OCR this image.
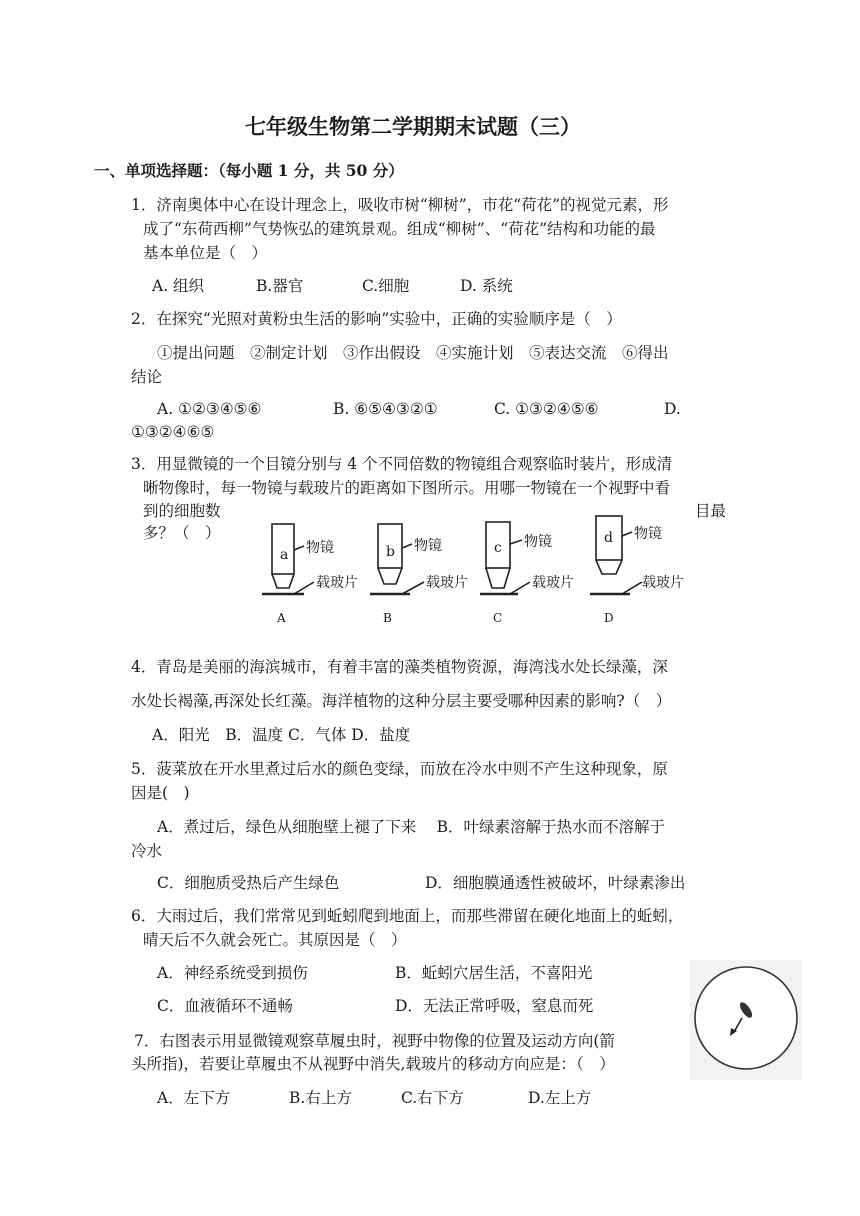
七年级生物第二学期期末试题（三）
一、单项选择题：（每小题 1 分，共 50 分）
1．济南奥体中心在设计理念上，吸收市树“柳树”，市花“荷花”的视觉元素，形
成了“东荷西柳”气势恢弘的建筑景观。组成“柳树”、“荷花”结构和功能的最
基本单位是（　）
A. 组织	B.器官	C.细胞	D. 系统
2．在探究“光照对黄粉虫生活的影响”实验中，正确的实验顺序是（　）
①提出问题　②制定计划　③作出假设　④实施计划　⑤表达交流　⑥得出
结论
A. ①②③④⑤⑥	B. ⑥⑤④③②①	C. ①③②④⑤⑥	D.
①③②④⑥⑤
3．用显微镜的一个目镜分别与 4 个不同倍数的物镜组合观察临时装片，形成清
晰物像时，每一物镜与载玻片的距离如下图所示。用哪一物镜在一个视野中看
到的细胞数	目最
多？（　）
a	b	c
d
物镜	物镜	物镜	物镜
载玻片	载玻片	载玻片	载玻片
A	B	C	D
4．青岛是美丽的海滨城市，有着丰富的藻类植物资源，海湾浅水处长绿藻，深
水处长褐藻,再深处长红藻。海洋植物的这种分层主要受哪种因素的影响?（　）
A．阳光　B．温度 C．气体 D．盐度
5．菠菜放在开水里煮过后水的颜色变绿，而放在冷水中则不产生这种现象，原
因是(　)
A．煮过后，绿色从细胞壁上褪了下来　 B．叶绿素溶解于热水而不溶解于
冷水
C．细胞质受热后产生绿色	D．细胞膜通透性被破坏，叶绿素渗出
6．大雨过后，我们常常见到蚯蚓爬到地面上，而那些滞留在硬化地面上的蚯蚓，
晴天后不久就会死亡。其原因是（　）
A．神经系统受到损伤	B．蚯蚓穴居生活，不喜阳光
C．血液循环不通畅	D．无法正常呼吸，窒息而死
7．右图表示用显微镜观察草履虫时，视野中物像的位置及运动方向(箭
头所指)，若要让草履虫不从视野中消失,载玻片的移动方向应是：（　）
A．左下方	B.右上方	C.右下方	D.左上方
